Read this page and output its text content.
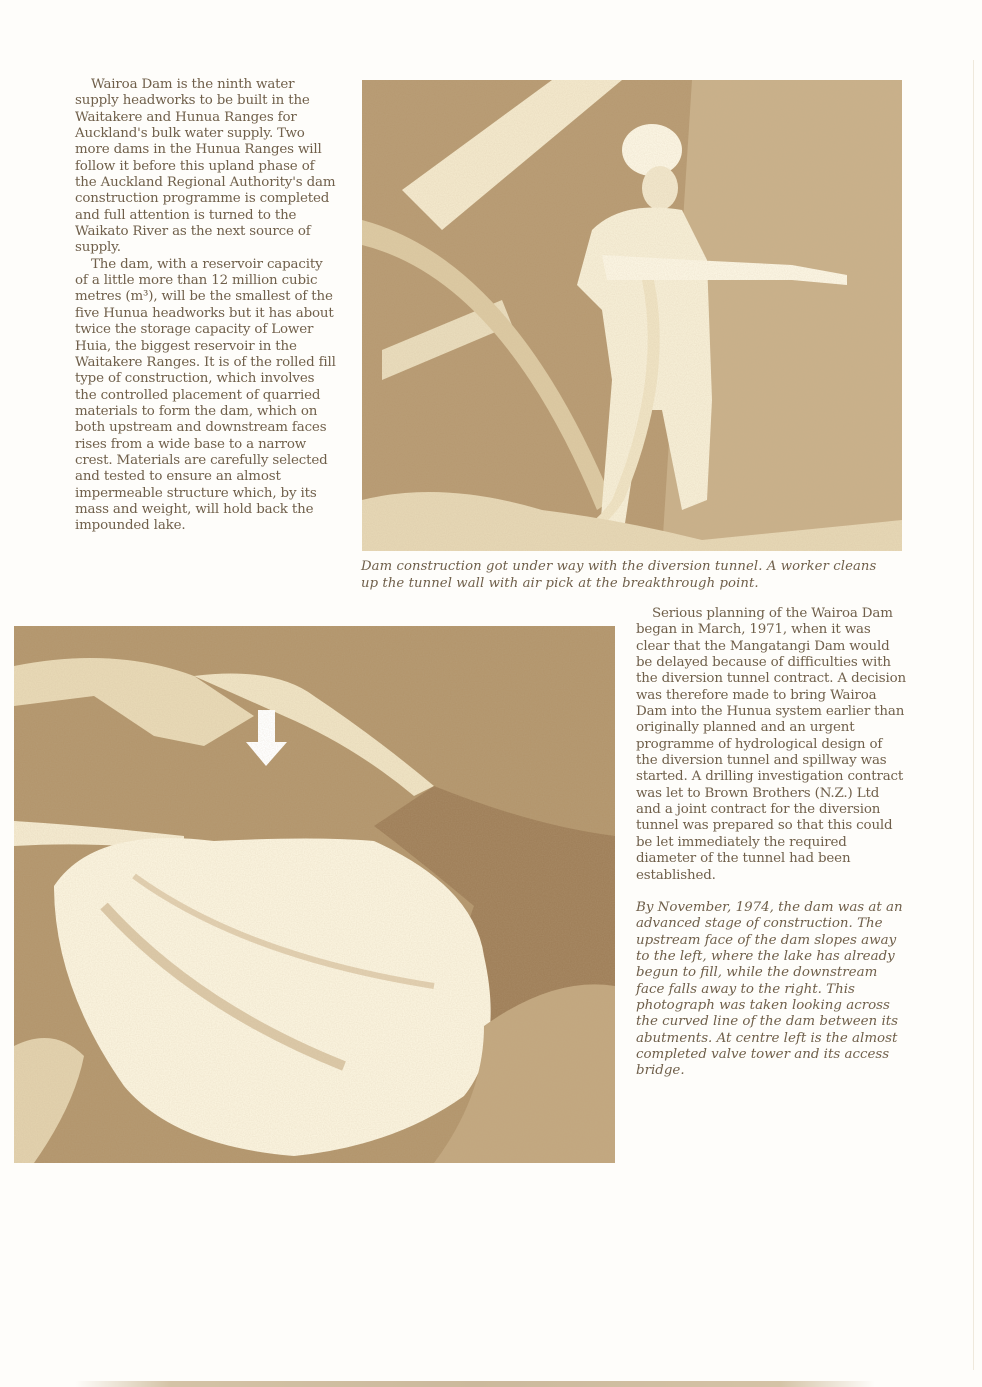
Wairoa Dam is the ninth water supply headworks to be built in the Waitakere and Hunua Ranges for Auckland's bulk water supply. Two more dams in the Hunua Ranges will follow it before this upland phase of the Auckland Regional Authority's dam construction programme is completed and full attention is turned to the Waikato River as the next source of supply.

The dam, with a reservoir capacity of a little more than 12 million cubic metres (m³), will be the smallest of the five Hunua headworks but it has about twice the storage capacity of Lower Huia, the biggest reservoir in the Waitakere Ranges. It is of the rolled fill type of construction, which involves the controlled placement of quarried materials to form the dam, which on both upstream and downstream faces rises from a wide base to a narrow crest. Materials are carefully selected and tested to ensure an almost impermeable structure which, by its mass and weight, will hold back the impounded lake.

Dam construction got under way with the diversion tunnel. A worker cleans up the tunnel wall with air pick at the breakthrough point.

Serious planning of the Wairoa Dam began in March, 1971, when it was clear that the Mangatangi Dam would be delayed because of difficulties with the diversion tunnel contract. A decision was therefore made to bring Wairoa Dam into the Hunua system earlier than originally planned and an urgent programme of hydrological design of the diversion tunnel and spillway was started. A drilling investigation contract was let to Brown Brothers (N.Z.) Ltd and a joint contract for the diversion tunnel was prepared so that this could be let immediately the required diameter of the tunnel had been established.

By November, 1974, the dam was at an advanced stage of construction. The upstream face of the dam slopes away to the left, where the lake has already begun to fill, while the downstream face falls away to the right. This photograph was taken looking across the curved line of the dam between its abutments. At centre left is the almost completed valve tower and its access bridge.
